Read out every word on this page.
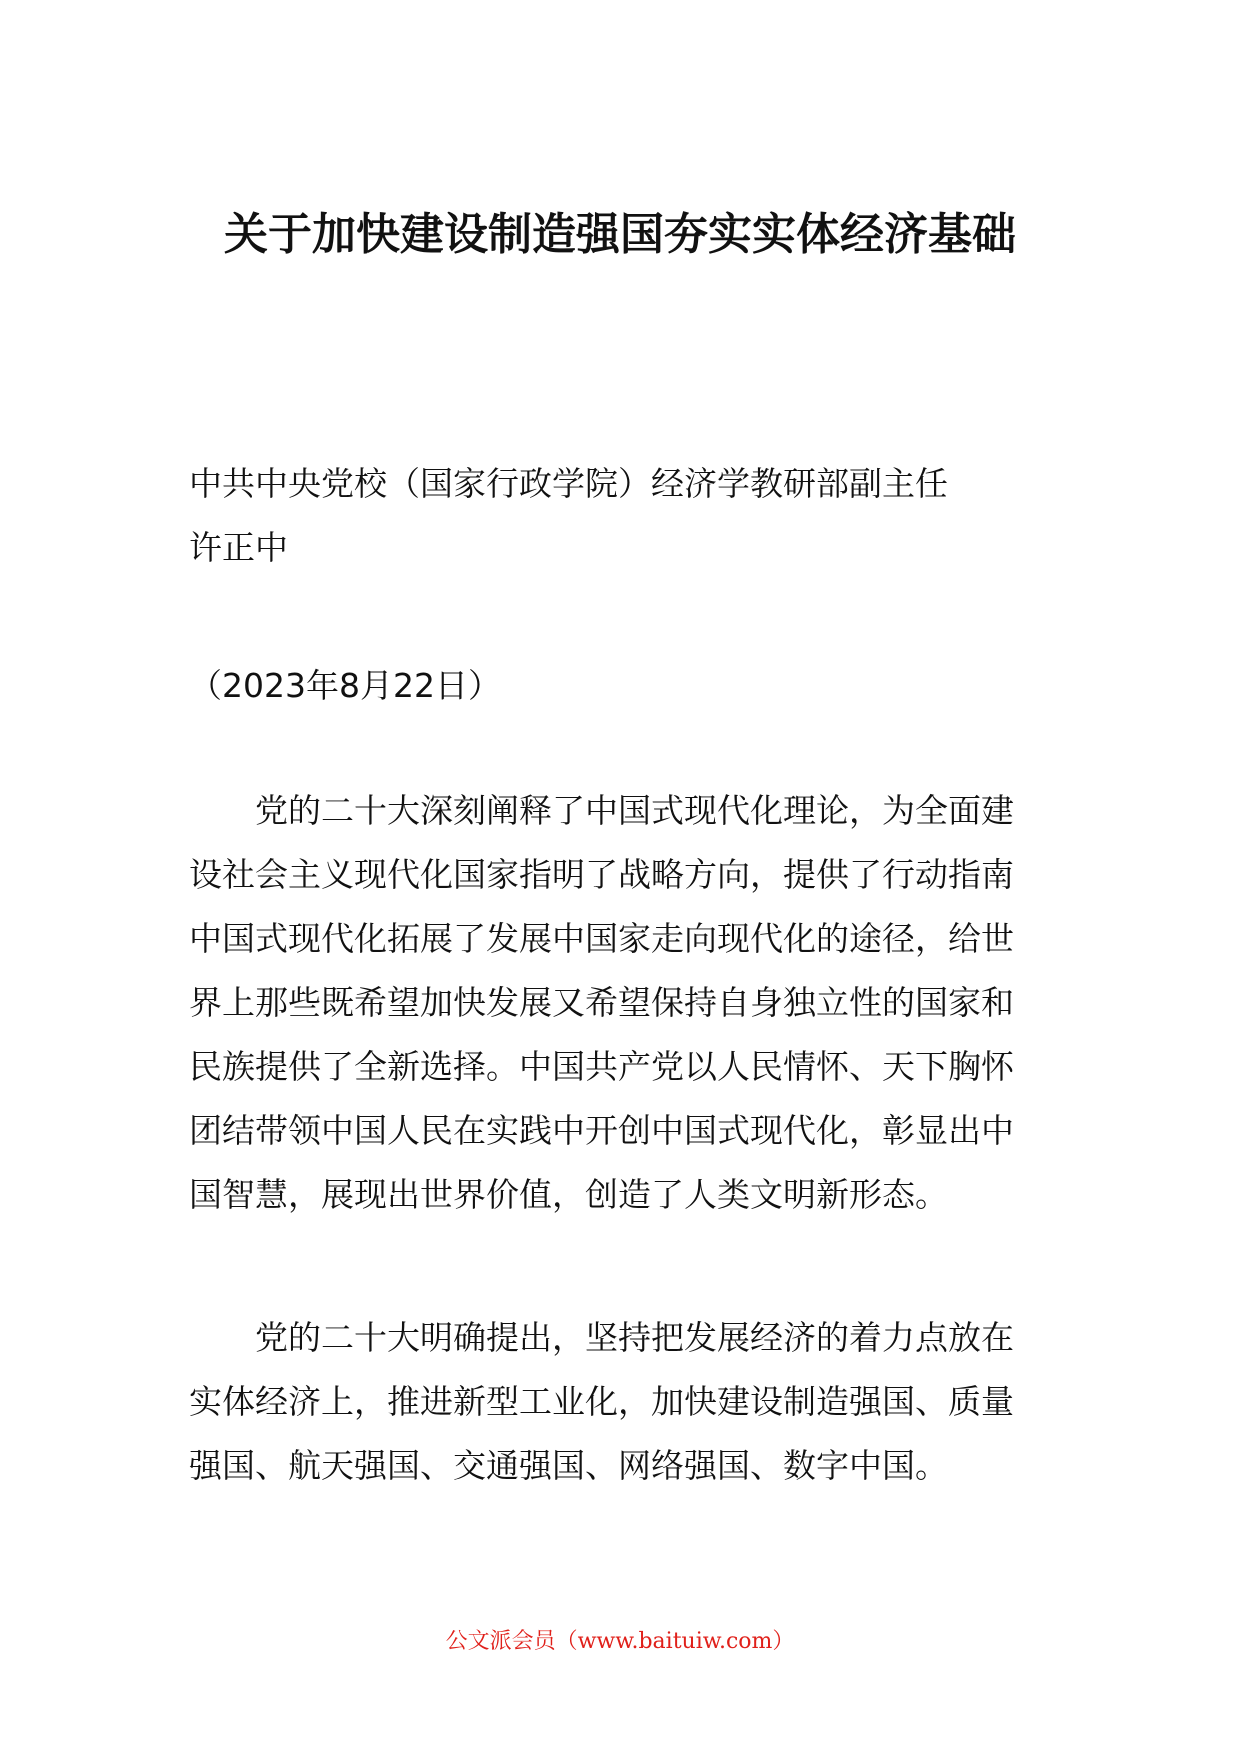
关于加快建设制造强国夯实实体经济基础
中共中央党校（国家行政学院）经济学教研部副主任
许正中
（2023年8月22日）
党的二十大深刻阐释了中国式现代化理论，为全面建
设社会主义现代化国家指明了战略方向，提供了行动指南
中国式现代化拓展了发展中国家走向现代化的途径，给世
界上那些既希望加快发展又希望保持自身独立性的国家和
民族提供了全新选择。中国共产党以人民情怀、天下胸怀
团结带领中国人民在实践中开创中国式现代化，彰显出中
国智慧，展现出世界价值，创造了人类文明新形态。
党的二十大明确提出，坚持把发展经济的着力点放在
实体经济上，推进新型工业化，加快建设制造强国、质量
强国、航天强国、交通强国、网络强国、数字中国。
公文派会员（www.baituiw.com）
